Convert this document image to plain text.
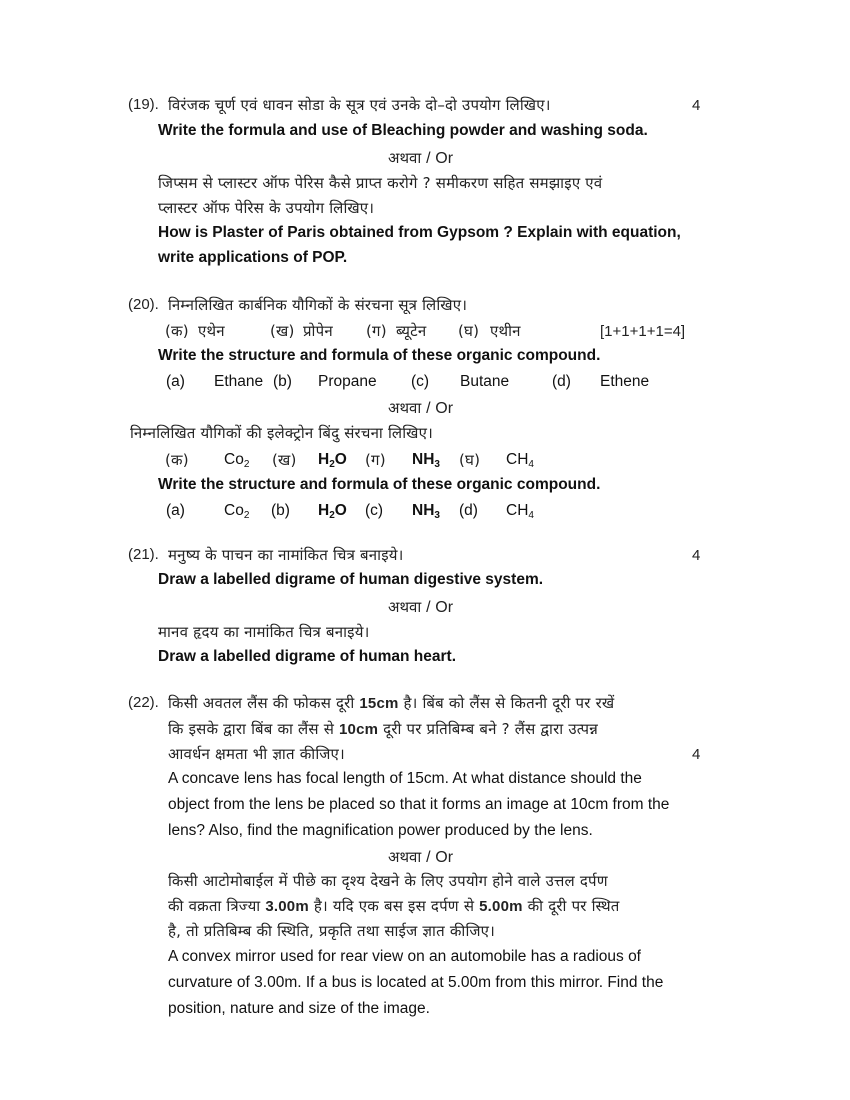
(19). विरंजक चूर्ण एवं धावन सोडा के सूत्र एवं उनके दो–दो उपयोग लिखिए।	4
Write the formula and use of Bleaching powder and washing soda.
अथवा / Or
जिप्सम से प्लास्टर ऑफ पेरिस कैसे प्राप्त करोगे ? समीकरण सहित समझाइए एवं
प्लास्टर ऑफ पेरिस के उपयोग लिखिए।
How is Plaster of Paris obtained from Gypsom ? Explain with equation,
write applications of POP.
(20). निम्नलिखित कार्बनिक यौगिकों के संरचना सूत्र लिखिए।
(क) एथेन	(ख) प्रोपेन (ग) ब्यूटेन (घ) एथीन	[1+1+1+1=4]
Write the structure and formula of these organic compound.
(a) Ethane (b) Propane (c) Butane	(d) Ethene
अथवा / Or
निम्नलिखित यौगिकों की इलेक्ट्रोन बिंदु संरचना लिखिए।
(क) $Co_2$ (ख) $H_2O$ (ग) $NH_3$ (घ) $CH_4$
Write the structure and formula of these organic compound.
(a)	$Co_2$ (b) $H_2O$ (c) $NH_3$ (d) $CH_4$
(21). मनुष्य के पाचन का नामांकित चित्र बनाइये।	4
Draw a labelled digrame of human digestive system.
अथवा / Or
मानव हृदय का नामांकित चित्र बनाइये।
Draw a labelled digrame of human heart.
(22). किसी अवतल लैंस की फोकस दूरी 15cm है। बिंब को लैंस से कितनी दूरी पर रखें
कि इसके द्वारा बिंब का लैंस से 10cm दूरी पर प्रतिबिम्ब बने ? लैंस द्वारा उत्पन्न
आवर्धन क्षमता भी ज्ञात कीजिए।	4
A concave lens has focal length of 15cm. At what distance should the
object from the lens be placed so that it forms an image at 10cm from the
lens? Also, find the magnification power produced by the lens.
अथवा / Or
किसी आटोमोबाईल में पीछे का दृश्य देखने के लिए उपयोग होने वाले उत्तल दर्पण
की वक्रता त्रिज्या 3.00m है। यदि एक बस इस दर्पण से 5.00m की दूरी पर स्थित
है, तो प्रतिबिम्ब की स्थिति, प्रकृति तथा साईज ज्ञात कीजिए।
A convex mirror used for rear view on an automobile has a radious of
curvature of 3.00m. If a bus is located at 5.00m from this mirror. Find the
position, nature and size of the image.
